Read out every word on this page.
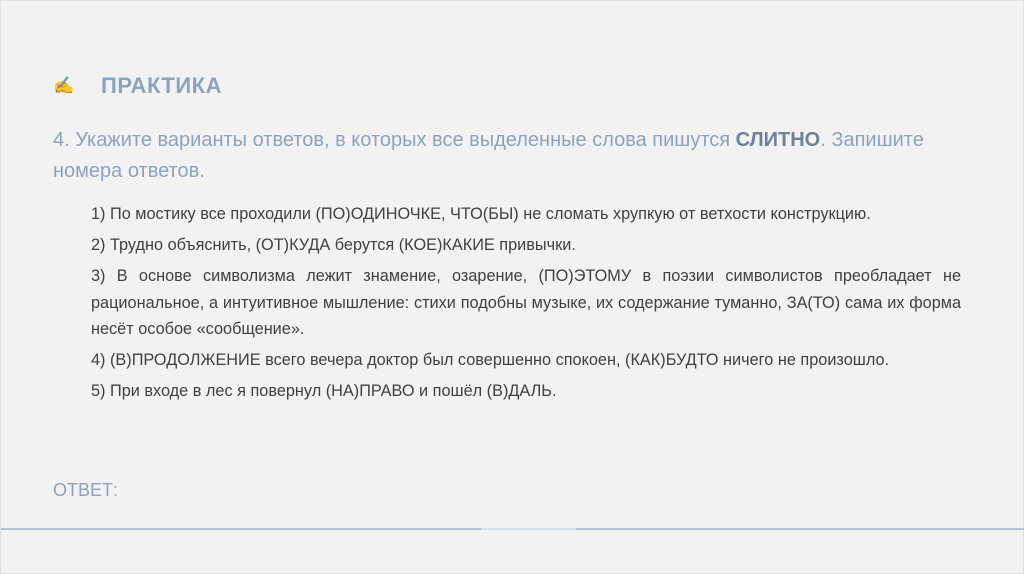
✍	ПРАКТИКА
4. Укажите варианты ответов, в которых все выделенные слова пишутся СЛИТНО. Запишите номера ответов.
1) По мостику все проходили (ПО)ОДИНОЧКЕ, ЧТО(БЫ) не сломать хрупкую от ветхости конструкцию.
2) Трудно объяснить, (ОТ)КУДА берутся (КОЕ)КАКИЕ привычки.
3) В основе символизма лежит знамение, озарение, (ПО)ЭТОМУ в поэзии символистов преобладает не рациональное, а интуитивное мышление: стихи подобны музыке, их содержание туманно, ЗА(ТО) сама их форма несёт особое «сообщение».
4) (В)ПРОДОЛЖЕНИЕ всего вечера доктор был совершенно спокоен, (КАК)БУДТО ничего не произошло.
5) При входе в лес я повернул (НА)ПРАВО и пошёл (В)ДАЛЬ.
ОТВЕТ:
